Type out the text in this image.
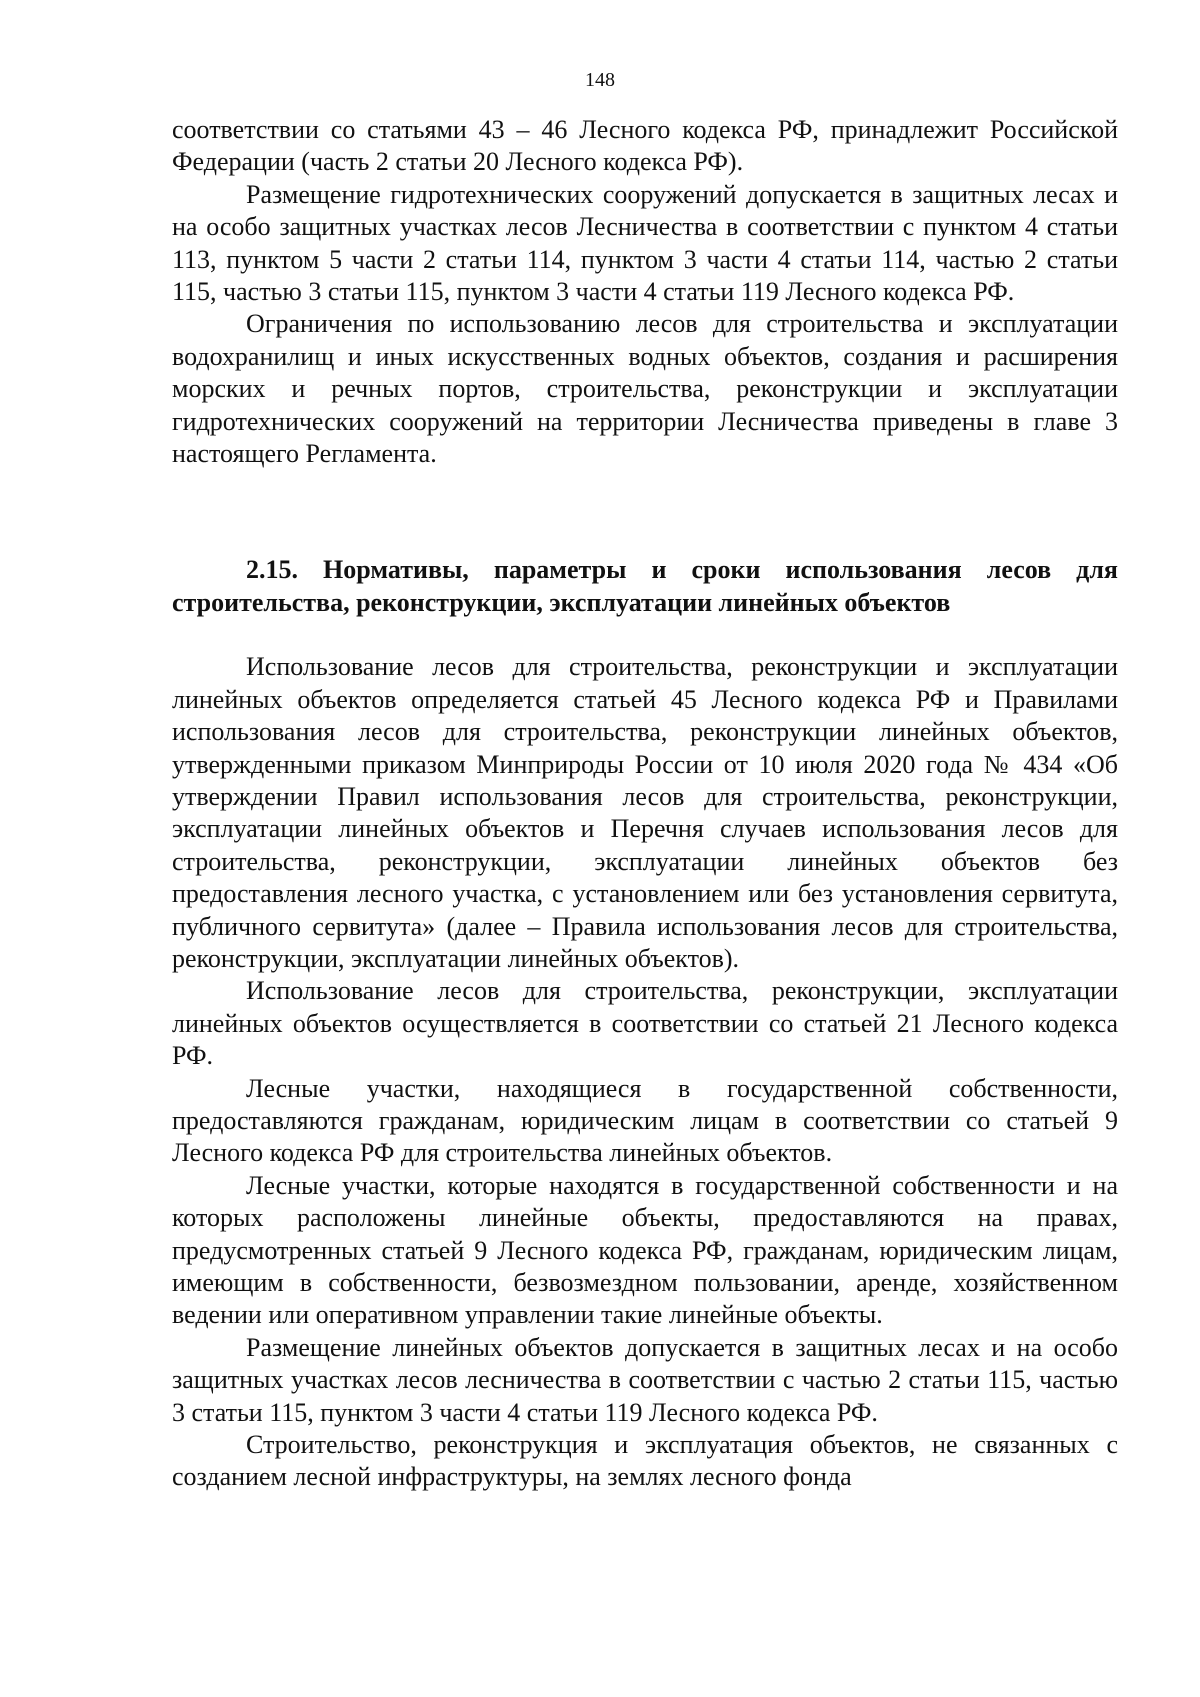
148

соответствии со статьями 43 – 46 Лесного кодекса РФ, принадлежит Российской Федерации (часть 2 статьи 20 Лесного кодекса РФ).

Размещение гидротехнических сооружений допускается в защитных лесах и на особо защитных участках лесов Лесничества в соответствии с пунктом 4 статьи 113, пунктом 5 части 2 статьи 114, пунктом 3 части 4 статьи 114, частью 2 статьи 115, частью 3 статьи 115, пунктом 3 части 4 статьи 119 Лесного кодекса РФ.

Ограничения по использованию лесов для строительства и эксплуатации водохранилищ и иных искусственных водных объектов, создания и расширения морских и речных портов, строительства, реконструкции и эксплуатации гидротехнических сооружений на территории Лесничества приведены в главе 3 настоящего Регламента.

2.15. Нормативы, параметры и сроки использования лесов для строительства, реконструкции, эксплуатации линейных объектов

Использование лесов для строительства, реконструкции и эксплуатации линейных объектов определяется статьей 45 Лесного кодекса РФ и Правилами использования лесов для строительства, реконструкции линейных объектов, утвержденными приказом Минприроды России от 10 июля 2020 года № 434 «Об утверждении Правил использования лесов для строительства, реконструкции, эксплуатации линейных объектов и Перечня случаев использования лесов для строительства, реконструкции, эксплуатации линейных объектов без предоставления лесного участка, с установлением или без установления сервитута, публичного сервитута» (далее – Правила использования лесов для строительства, реконструкции, эксплуатации линейных объектов).

Использование лесов для строительства, реконструкции, эксплуатации линейных объектов осуществляется в соответствии со статьей 21 Лесного кодекса РФ.

Лесные участки, находящиеся в государственной собственности, предоставляются гражданам, юридическим лицам в соответствии со статьей 9 Лесного кодекса РФ для строительства линейных объектов.

Лесные участки, которые находятся в государственной собственности и на которых расположены линейные объекты, предоставляются на правах, предусмотренных статьей 9 Лесного кодекса РФ, гражданам, юридическим лицам, имеющим в собственности, безвозмездном пользовании, аренде, хозяйственном ведении или оперативном управлении такие линейные объекты.

Размещение линейных объектов допускается в защитных лесах и на особо защитных участках лесов лесничества в соответствии с частью 2 статьи 115, частью 3 статьи 115, пунктом 3 части 4 статьи 119 Лесного кодекса РФ.

Строительство, реконструкция и эксплуатация объектов, не связанных с созданием лесной инфраструктуры, на землях лесного фонда
